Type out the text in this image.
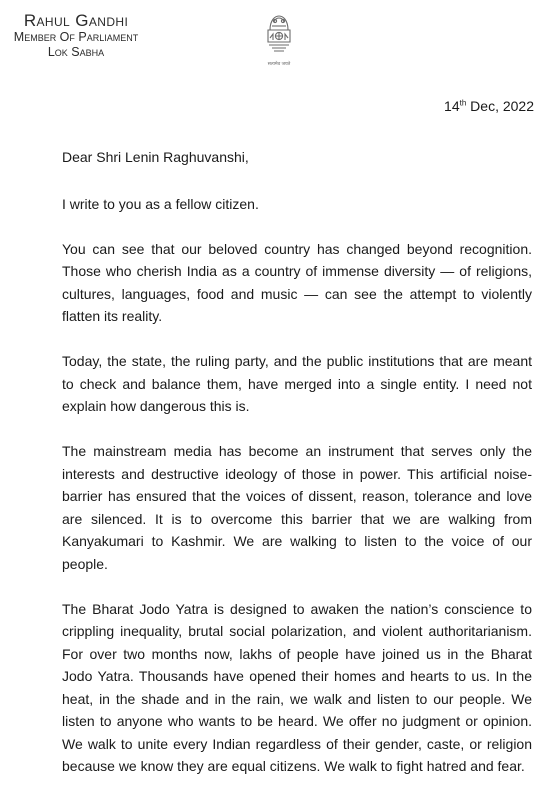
Rahul Gandhi
Member Of Parliament
Lok Sabha
सत्यमेव जयते
14th Dec, 2022

Dear Shri Lenin Raghuvanshi,

I write to you as a fellow citizen.

You can see that our beloved country has changed beyond recognition. Those who cherish India as a country of immense diversity — of religions, cultures, languages, food and music — can see the attempt to violently flatten its reality.

Today, the state, the ruling party, and the public institutions that are meant to check and balance them, have merged into a single entity. I need not explain how dangerous this is.

The mainstream media has become an instrument that serves only the interests and destructive ideology of those in power. This artificial noise-barrier has ensured that the voices of dissent, reason, tolerance and love are silenced. It is to overcome this barrier that we are walking from Kanyakumari to Kashmir. We are walking to listen to the voice of our people.

The Bharat Jodo Yatra is designed to awaken the nation’s conscience to crippling inequality, brutal social polarization, and violent authoritarianism. For over two months now, lakhs of people have joined us in the Bharat Jodo Yatra. Thousands have opened their homes and hearts to us. In the heat, in the shade and in the rain, we walk and listen to our people. We listen to anyone who wants to be heard. We offer no judgment or opinion. We walk to unite every Indian regardless of their gender, caste, or religion because we know they are equal citizens. We walk to fight hatred and fear.
